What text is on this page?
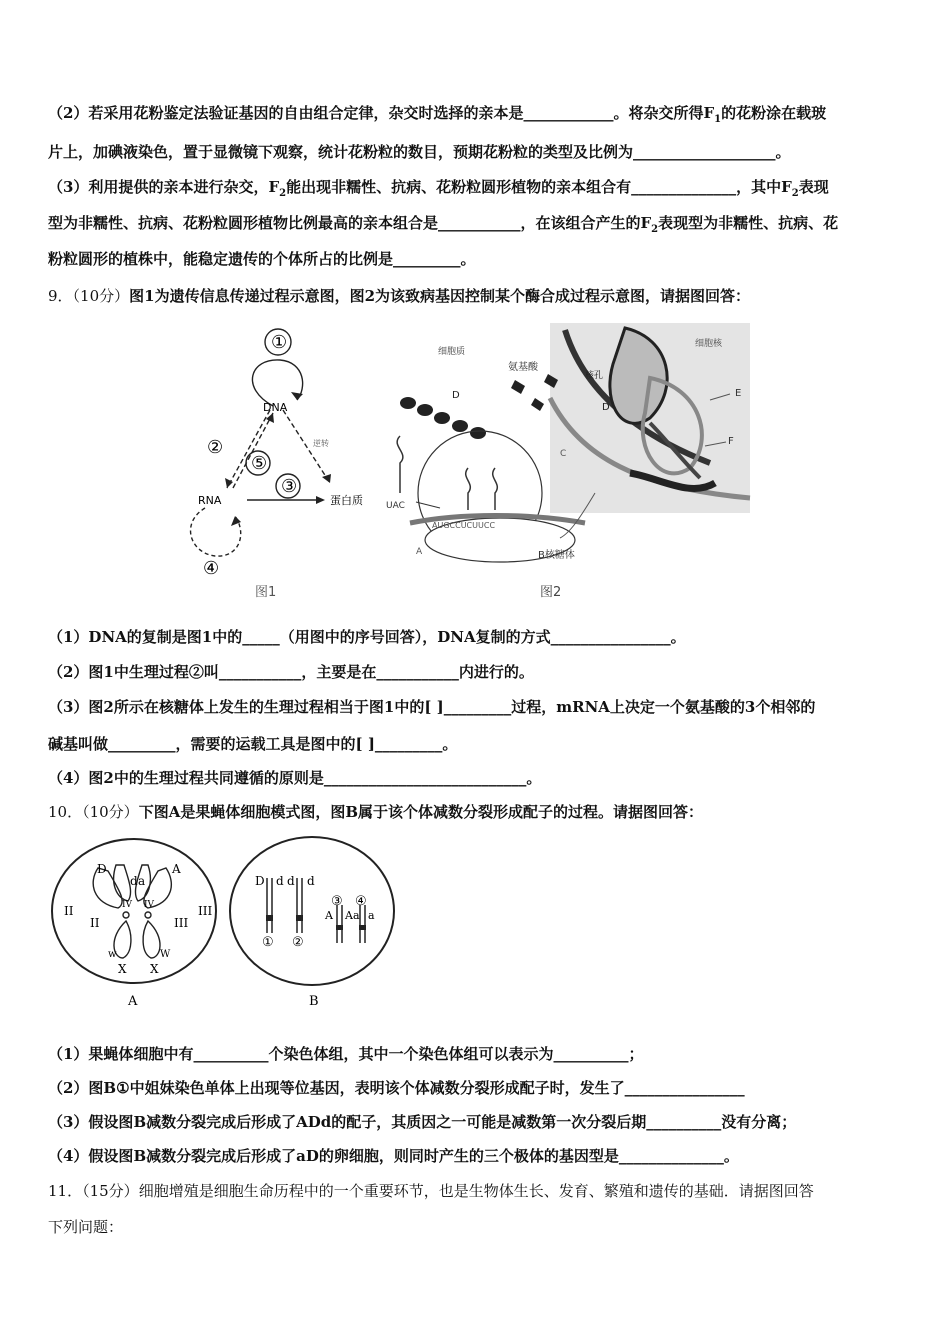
（2）若采用花粉鉴定法验证基因的自由组合定律，杂交时选择的亲本是____________。将杂交所得$F_1$的花粉涂在载玻
片上，加碘液染色，置于显微镜下观察，统计花粉粒的数目，预期花粉粒的类型及比例为___________________。
（3）利用提供的亲本进行杂交，$F_2$能出现非糯性、抗病、花粉粒圆形植物的亲本组合有______________，其中$F_2$表现
型为非糯性、抗病、花粉粒圆形植物比例最高的亲本组合是___________，在该组合产生的$F_2$表现型为非糯性、抗病、花
粉粒圆形的植株中，能稳定遗传的个体所占的比例是_________。
9．（10分）图1为遗传信息传递过程示意图，图2为该致病基因控制某个酶合成过程示意图，请据图回答：
①
DNA
②
⑤
③
逆转
RNA	蛋白质
④
图1
细胞核
核孔
D
E
F
细胞质
氨基酸
D
C
AUGCCUCUUCC
UAC
A	B核糖体
图2
（1）DNA的复制是图1中的_____（用图中的序号回答），DNA复制的方式________________。
（2）图1中生理过程②叫___________，主要是在___________内进行的。
（3）图2所示在核糖体上发生的生理过程相当于图1中的[ ]_________过程，mRNA上决定一个氨基酸的3个相邻的
碱基叫做_________，需要的运载工具是图中的[ ]_________。
（4）图2中的生理过程共同遵循的原则是___________________________。
10．（10分）下图A是果蝇体细胞模式图，图B属于该个体减数分裂形成配子的过程。请据图回答：
D
d a
A
II
II
IV IV
III
III
w	W
X X
A
D d d d
③ ④
A A a a
① ②
B
（1）果蝇体细胞中有__________个染色体组，其中一个染色体组可以表示为__________；
（2）图B①中姐妹染色单体上出现等位基因，表明该个体减数分裂形成配子时，发生了________________
（3）假设图B减数分裂完成后形成了ADd的配子，其质因之一可能是减数第一次分裂后期__________没有分离；
（4）假设图B减数分裂完成后形成了aD的卵细胞，则同时产生的三个极体的基因型是______________。
11．（15分）细胞增殖是细胞生命历程中的一个重要环节，也是生物体生长、发育、繁殖和遗传的基础．请据图回答
下列问题：
